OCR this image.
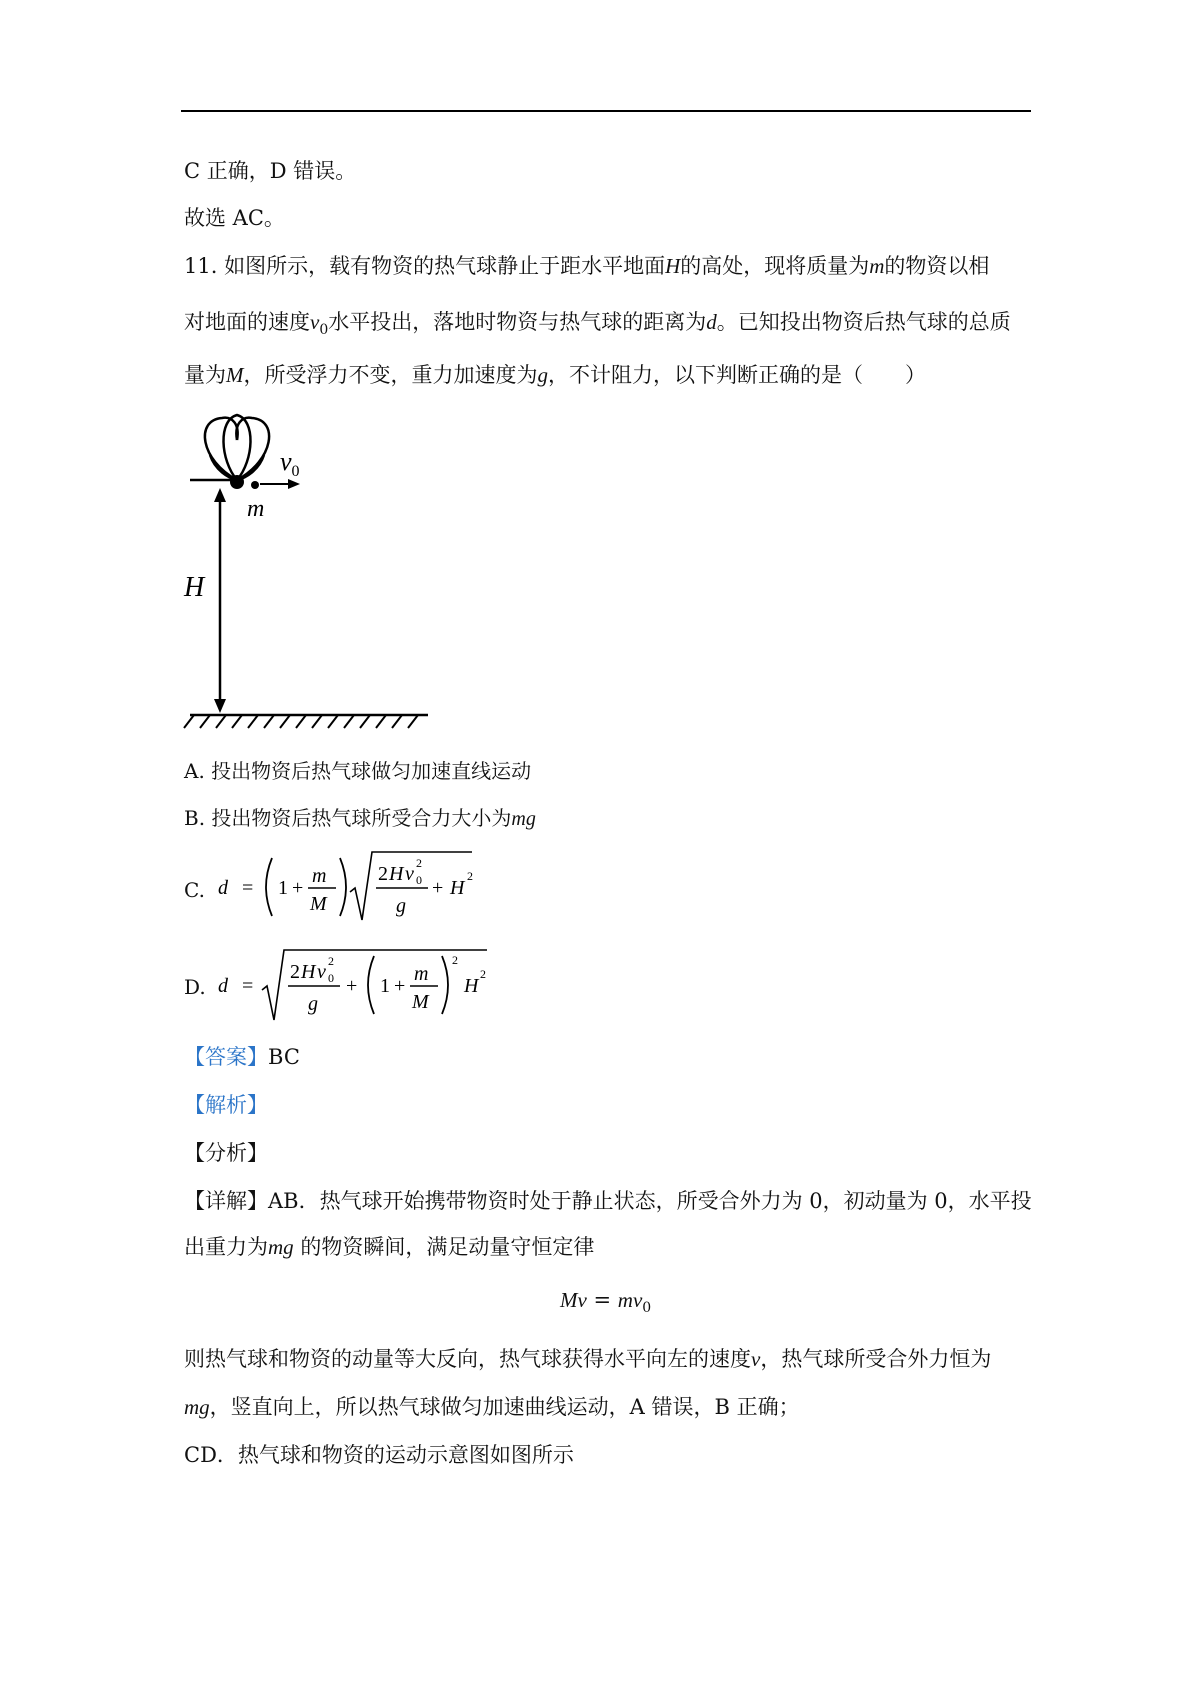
C 正确，D 错误。
故选 AC。
11. 如图所示，载有物资的热气球静止于距水平地面H的高处，现将质量为m的物资以相
对地面的速度$v_0$水平投出，落地时物资与热气球的距离为d。已知投出物资后热气球的总质
量为M，所受浮力不变，重力加速度为g，不计阻力，以下判断正确的是（　　）
$v_0$
m
H
A. 投出物资后热气球做匀加速直线运动
B. 投出物资后热气球所受合力大小为mg
C. d = 1 +
m
M
2 H v 2
0
g
+ H
2
D. d =
2 H v 2
0
g
+ 1 +
m
M
2
H
2
【答案】BC
【解析】
【分析】
【详解】AB．热气球开始携带物资时处于静止状态，所受合外力为 0，初动量为 0，水平投
出重力为mg 的物资瞬间，满足动量守恒定律
$Mv = mv_0$
则热气球和物资的动量等大反向，热气球获得水平向左的速度v，热气球所受合外力恒为
mg，竖直向上，所以热气球做匀加速曲线运动，A 错误，B 正确；
CD．热气球和物资的运动示意图如图所示
